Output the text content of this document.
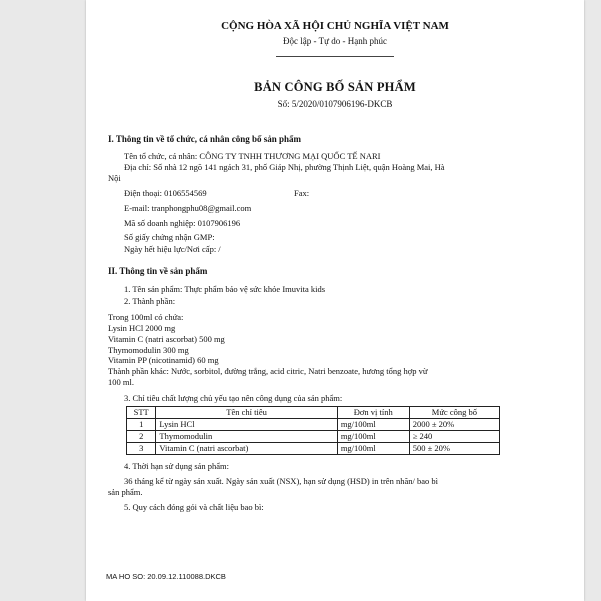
CỘNG HÒA XÃ HỘI CHỦ NGHĨA VIỆT NAM
Độc lập - Tự do - Hạnh phúc
BẢN CÔNG BỐ SẢN PHẨM
Số: 5/2020/0107906196-DKCB
I. Thông tin về tổ chức, cá nhân công bố sản phẩm
Tên tổ chức, cá nhân: CÔNG TY TNHH THƯƠNG MẠI QUỐC TẾ NARI
Địa chỉ: Số nhà 12 ngõ 141 ngách 31, phố Giáp Nhị, phường Thịnh Liệt, quận Hoàng Mai, Hà
Nội
Điện thoại: 0106554569	Fax:
E-mail: tranphongphu08@gmail.com
Mã số doanh nghiệp: 0107906196
Số giấy chứng nhận GMP:
Ngày hết hiệu lực/Nơi cấp: /
II. Thông tin về sản phẩm
1. Tên sản phẩm: Thực phẩm bảo vệ sức khỏe Imuvita kids
2. Thành phần:
Trong 100ml có chứa:
Lysin HCl 2000 mg
Vitamin C (natri ascorbat) 500 mg
Thymomodulin 300 mg
Vitamin PP (nicotinamid) 60 mg
Thành phần khác: Nước, sorbitol, đường trắng, acid citric, Natri benzoate, hương tổng hợp vừ
100 ml.
3. Chỉ tiêu chất lượng chủ yếu tạo nên công dụng của sản phẩm:
STT	Tên chỉ tiêu	Đơn vị tính	Mức công bố
1	Lysin HCl	mg/100ml	2000 ± 20%
2	Thymomodulin	mg/100ml	≥ 240
3	Vitamin C (natri ascorbat)	mg/100ml	500 ± 20%
4. Thời hạn sử dụng sản phẩm:
36 tháng kể từ ngày sản xuất. Ngày sản xuất (NSX), hạn sử dụng (HSD) in trên nhãn/ bao bì
sản phẩm.
5. Quy cách đóng gói và chất liệu bao bì:
MA HO SO: 20.09.12.110088.DKCB
